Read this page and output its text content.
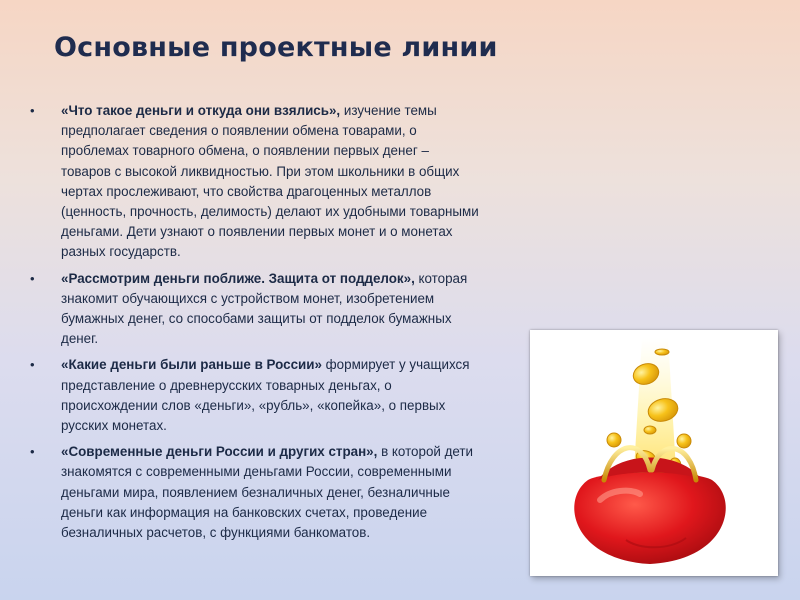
Основные проектные линии
• «Что такое деньги и откуда они взялись», изучение темы предполагает сведения о появлении обмена товарами, о проблемах товарного обмена, о появлении первых денег – товаров с высокой ликвидностью. При этом школьники в общих чертах прослеживают, что свойства драгоценных металлов (ценность, прочность, делимость) делают их удобными товарными деньгами. Дети узнают о появлении первых монет и о монетах разных государств.
• «Рассмотрим деньги поближе. Защита от подделок», которая знакомит обучающихся с устройством монет, изобретением бумажных денег, со способами защиты от подделок бумажных денег.
• «Какие деньги были раньше в России» формирует у учащихся представление о древнерусских товарных деньгах, о происхождении слов «деньги», «рубль», «копейка», о первых русских монетах.
• «Современные деньги России и других стран», в которой дети знакомятся с современными деньгами России, современными деньгами мира, появлением безналичных денег, безналичные деньги как информация на банковских счетах, проведение безналичных расчетов, с функциями банкоматов.
